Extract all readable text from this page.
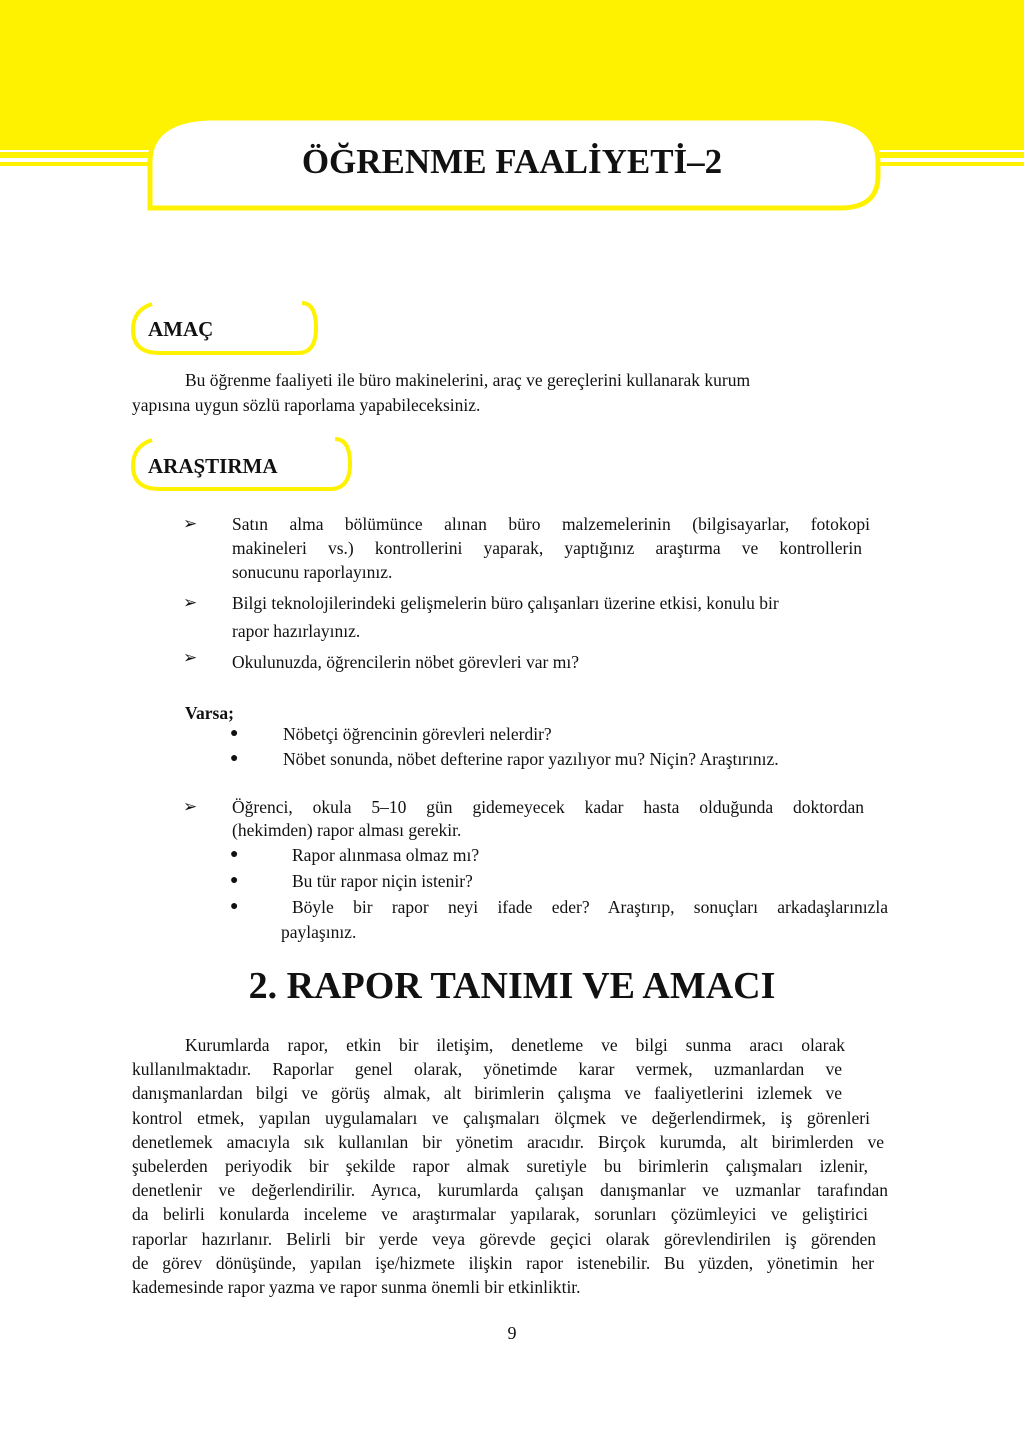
ÖĞRENME FAALİYETİ–2
AMAÇ

Bu öğrenme faaliyeti ile büro makinelerini, araç ve gereçlerini kullanarak kurum

yapısına uygun sözlü raporlama yapabileceksiniz.

ARAŞTIRMA
➢ Satın alma bölümünce alınan büro malzemelerinin (bilgisayarlar, fotokopi

makineleri vs.) kontrollerini yaparak, yaptığınız araştırma ve kontrollerin

sonucunu raporlayınız.

➢ Bilgi teknolojilerindeki gelişmelerin büro çalışanları üzerine etkisi, konulu bir

rapor hazırlayınız.

➢ Okulunuzda, öğrencilerin nöbet görevleri var mı?

Varsa;

●	Nöbetçi öğrencinin görevleri nelerdir?

●	Nöbet sonunda, nöbet defterine rapor yazılıyor mu? Niçin? Araştırınız.

➢ Öğrenci, okula 5–10 gün gidemeyecek kadar hasta olduğunda doktordan

(hekimden) rapor alması gerekir.

●	Rapor alınmasa olmaz mı?

●	Bu tür rapor niçin istenir?

●	Böyle bir rapor neyi ifade eder? Araştırıp, sonuçları arkadaşlarınızla

paylaşınız.

2. RAPOR TANIMI VE AMACI
Kurumlarda rapor, etkin bir iletişim, denetleme ve bilgi sunma aracı olarak
kullanılmaktadır. Raporlar genel olarak, yönetimde karar vermek, uzmanlardan ve
danışmanlardan bilgi ve görüş almak, alt birimlerin çalışma ve faaliyetlerini izlemek ve
kontrol etmek, yapılan uygulamaları ve çalışmaları ölçmek ve değerlendirmek, iş görenleri
denetlemek amacıyla sık kullanılan bir yönetim aracıdır. Birçok kurumda, alt birimlerden ve
şubelerden periyodik bir şekilde rapor almak suretiyle bu birimlerin çalışmaları izlenir,
denetlenir ve değerlendirilir. Ayrıca, kurumlarda çalışan danışmanlar ve uzmanlar tarafından
da belirli konularda inceleme ve araştırmalar yapılarak, sorunları çözümleyici ve geliştirici
raporlar hazırlanır. Belirli bir yerde veya görevde geçici olarak görevlendirilen iş görenden
de görev dönüşünde, yapılan işe/hizmete ilişkin rapor istenebilir. Bu yüzden, yönetimin her
kademesinde rapor yazma ve rapor sunma önemli bir etkinliktir.
9
